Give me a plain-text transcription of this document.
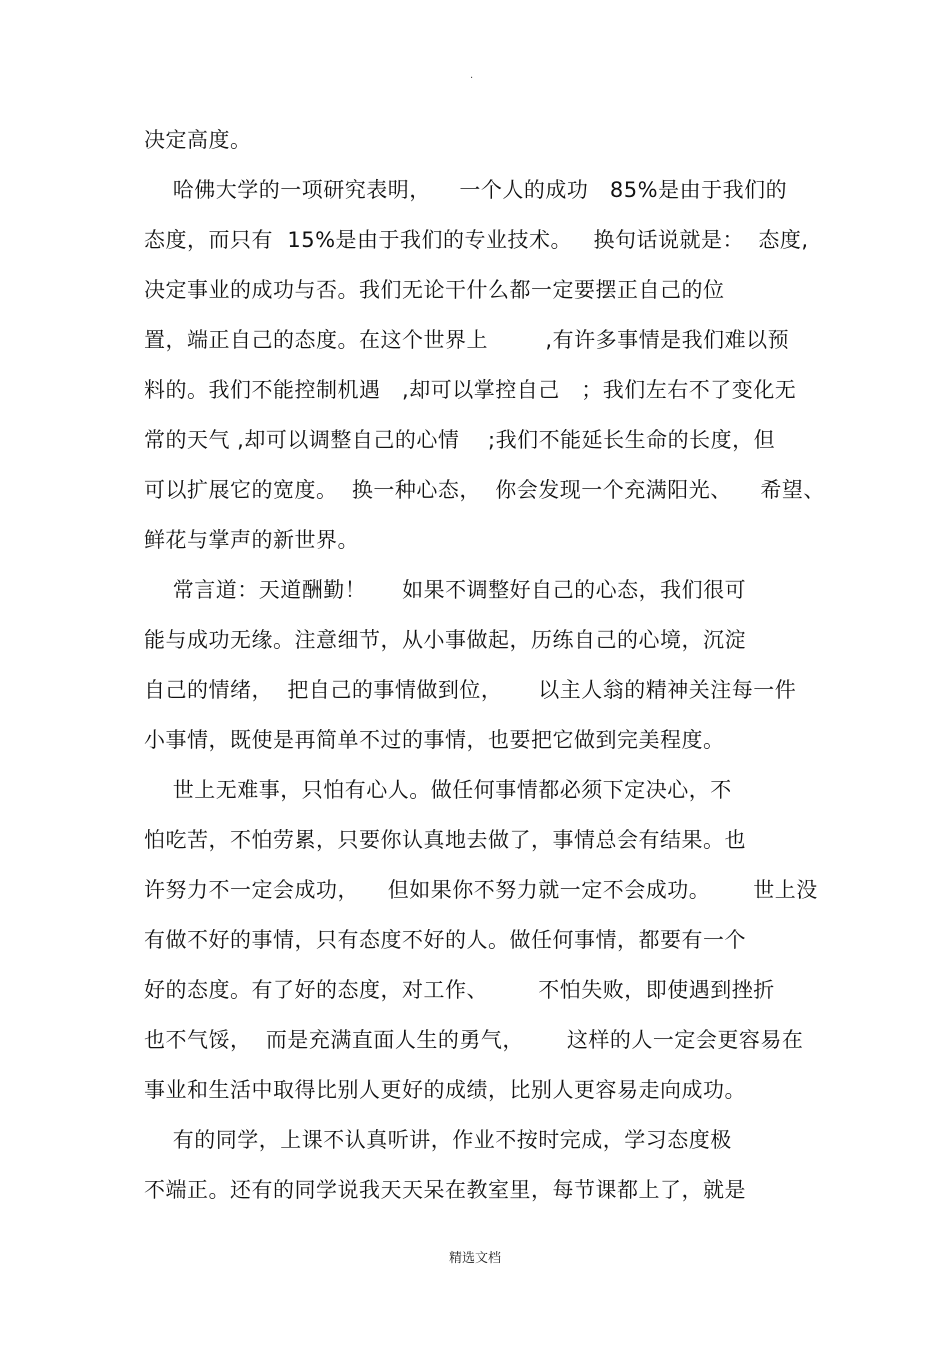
.
决定高度。
哈佛大学的一项研究表明，    一个人的成功   85%是由于我们的
态度，而只有  15%是由于我们的专业技术。   换句话说就是：  态度,
决定事业的成功与否。我们无论干什么都一定要摆正自己的位
置，端正自己的态度。在这个世界上        ,有许多事情是我们难以预
料的。我们不能控制机遇   ,却可以掌控自己   ；我们左右不了变化无
常的天气 ,却可以调整自己的心情    ;我们不能延长生命的长度，但
可以扩展它的宽度。  换一种心态，  你会发现一个充满阳光、    希望、
鲜花与掌声的新世界。
常言道：天道酬勤！     如果不调整好自己的心态，我们很可
能与成功无缘。注意细节，从小事做起，历练自己的心境，沉淀
自己的情绪，  把自己的事情做到位，     以主人翁的精神关注每一件
小事情，既使是再简单不过的事情，也要把它做到完美程度。
世上无难事，只怕有心人。做任何事情都必须下定决心，不
怕吃苦，不怕劳累，只要你认真地去做了，事情总会有结果。也
许努力不一定会成功，    但如果你不努力就一定不会成功。      世上没
有做不好的事情，只有态度不好的人。做任何事情，都要有一个
好的态度。有了好的态度，对工作、       不怕失败，即使遇到挫折
也不气馁，  而是充满直面人生的勇气，      这样的人一定会更容易在
事业和生活中取得比别人更好的成绩，比别人更容易走向成功。
有的同学，上课不认真听讲，作业不按时完成，学习态度极
不端正。还有的同学说我天天呆在教室里，每节课都上了，就是
精选文档
